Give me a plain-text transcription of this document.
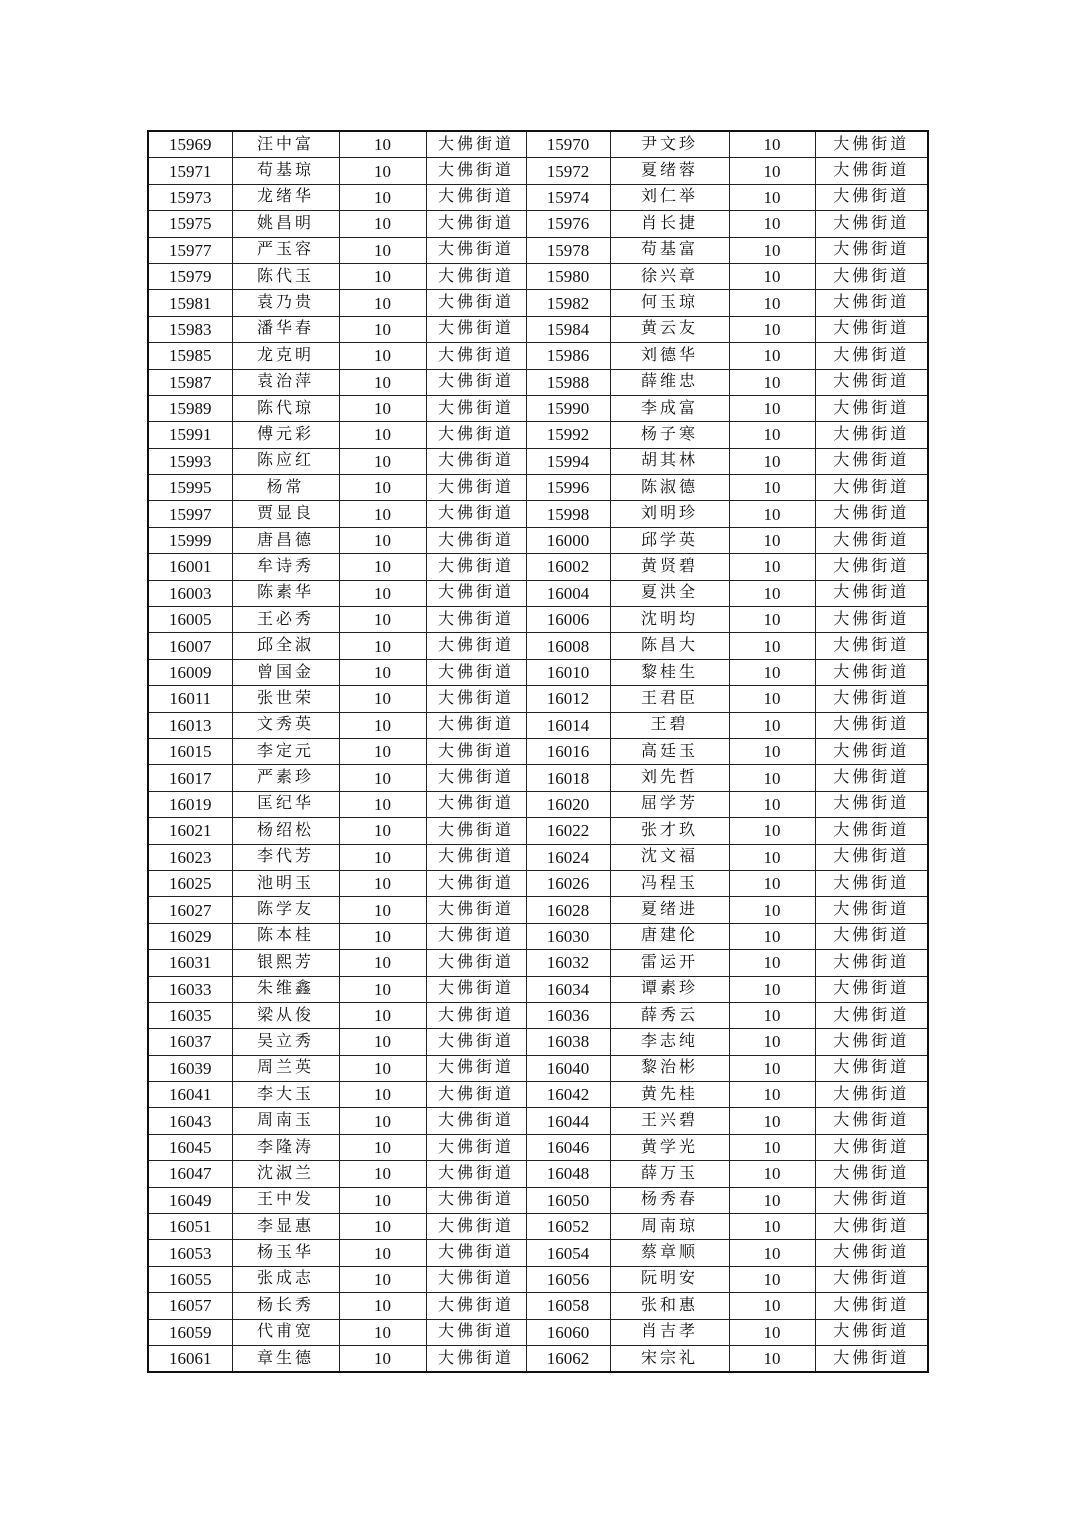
15969	汪中富	10	大佛街道	15970	尹文珍	10	大佛街道
15971	苟基琼	10	大佛街道	15972	夏绪蓉	10	大佛街道
15973	龙绪华	10	大佛街道	15974	刘仁举	10	大佛街道
15975	姚昌明	10	大佛街道	15976	肖长捷	10	大佛街道
15977	严玉容	10	大佛街道	15978	苟基富	10	大佛街道
15979	陈代玉	10	大佛街道	15980	徐兴章	10	大佛街道
15981	袁乃贵	10	大佛街道	15982	何玉琼	10	大佛街道
15983	潘华春	10	大佛街道	15984	黄云友	10	大佛街道
15985	龙克明	10	大佛街道	15986	刘德华	10	大佛街道
15987	袁治萍	10	大佛街道	15988	薛维忠	10	大佛街道
15989	陈代琼	10	大佛街道	15990	李成富	10	大佛街道
15991	傅元彩	10	大佛街道	15992	杨子寒	10	大佛街道
15993	陈应红	10	大佛街道	15994	胡其林	10	大佛街道
15995	杨常	10	大佛街道	15996	陈淑德	10	大佛街道
15997	贾显良	10	大佛街道	15998	刘明珍	10	大佛街道
15999	唐昌德	10	大佛街道	16000	邱学英	10	大佛街道
16001	牟诗秀	10	大佛街道	16002	黄贤碧	10	大佛街道
16003	陈素华	10	大佛街道	16004	夏洪全	10	大佛街道
16005	王必秀	10	大佛街道	16006	沈明均	10	大佛街道
16007	邱全淑	10	大佛街道	16008	陈昌大	10	大佛街道
16009	曾国金	10	大佛街道	16010	黎桂生	10	大佛街道
16011	张世荣	10	大佛街道	16012	王君臣	10	大佛街道
16013	文秀英	10	大佛街道	16014	王碧	10	大佛街道
16015	李定元	10	大佛街道	16016	高廷玉	10	大佛街道
16017	严素珍	10	大佛街道	16018	刘先哲	10	大佛街道
16019	匡纪华	10	大佛街道	16020	屈学芳	10	大佛街道
16021	杨绍松	10	大佛街道	16022	张才玖	10	大佛街道
16023	李代芳	10	大佛街道	16024	沈文福	10	大佛街道
16025	池明玉	10	大佛街道	16026	冯程玉	10	大佛街道
16027	陈学友	10	大佛街道	16028	夏绪进	10	大佛街道
16029	陈本桂	10	大佛街道	16030	唐建伦	10	大佛街道
16031	银熙芳	10	大佛街道	16032	雷运开	10	大佛街道
16033	朱维鑫	10	大佛街道	16034	谭素珍	10	大佛街道
16035	梁从俊	10	大佛街道	16036	薛秀云	10	大佛街道
16037	吴立秀	10	大佛街道	16038	李志纯	10	大佛街道
16039	周兰英	10	大佛街道	16040	黎治彬	10	大佛街道
16041	李大玉	10	大佛街道	16042	黄先桂	10	大佛街道
16043	周南玉	10	大佛街道	16044	王兴碧	10	大佛街道
16045	李隆涛	10	大佛街道	16046	黄学光	10	大佛街道
16047	沈淑兰	10	大佛街道	16048	薛万玉	10	大佛街道
16049	王中发	10	大佛街道	16050	杨秀春	10	大佛街道
16051	李显惠	10	大佛街道	16052	周南琼	10	大佛街道
16053	杨玉华	10	大佛街道	16054	蔡章顺	10	大佛街道
16055	张成志	10	大佛街道	16056	阮明安	10	大佛街道
16057	杨长秀	10	大佛街道	16058	张和惠	10	大佛街道
16059	代甫宽	10	大佛街道	16060	肖吉孝	10	大佛街道
16061	章生德	10	大佛街道	16062	宋宗礼	10	大佛街道
